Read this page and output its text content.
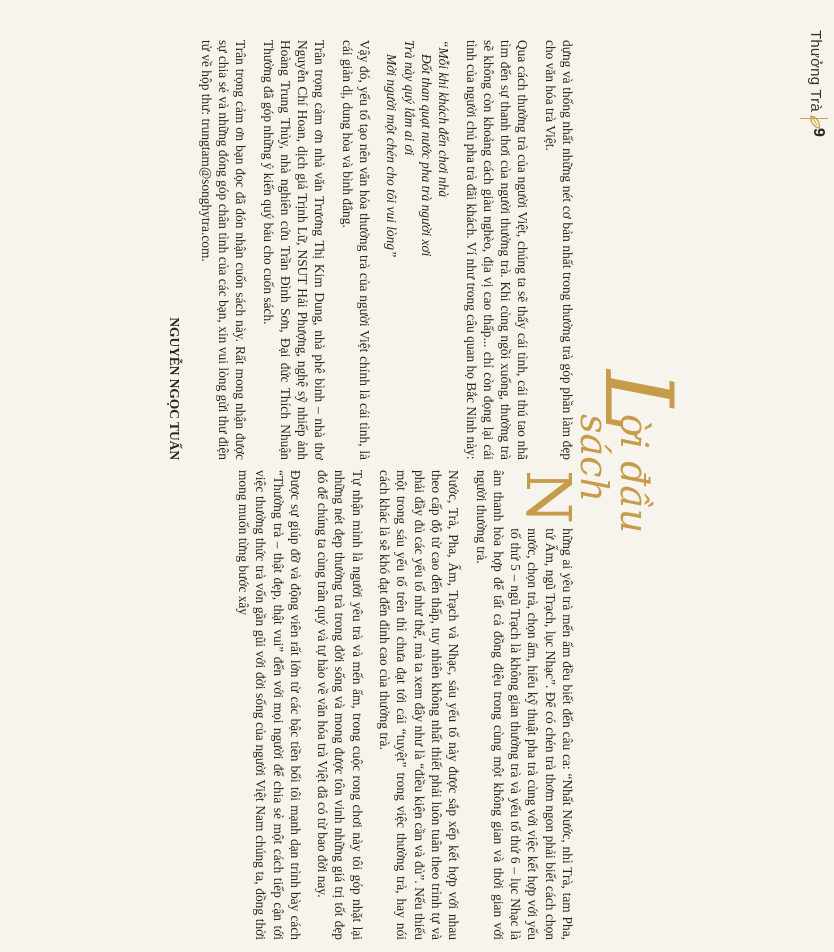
Thưởng Trà
9
L
ời đầu sách

N
hững ai yêu trà mến ấm đều biết đến câu ca: “Nhất Nước, nhì Trà, tam Pha, tứ Ấm, ngũ Trạch, lục Nhạc”. Để có chén trà thơm ngon phải biết cách chọn nước, chọn trà, chọn ấm, hiểu kỹ thuật pha trà cùng với việc kết hợp với yếu tố thứ 5 – ngũ Trạch là không gian thưởng trà và yếu tố thứ 6 – lục Nhạc là âm thanh hòa hợp để tất cả đồng điệu trong cùng một không gian và thời gian với người thưởng trà.

Nước, Trà, Pha, Ấm, Trạch và Nhạc, sáu yếu tố này được sắp xếp kết hợp với nhau theo cấp độ từ cao đến thấp, tuy nhiên không nhất thiết phải luôn tuân theo trình tự và phải đầy đủ các yếu tố như thế, mà ta xem đây như là “điều kiện cần và đủ”. Nếu thiếu một trong sáu yếu tố trên thì chưa đạt tới cái “tuyệt” trong việc thưởng trà, hay nói cách khác là sẽ khó đạt đến đỉnh cao của thưởng trà.

Tự nhận mình là người yêu trà và mến ấm, trong cuộc rong chơi này tôi góp nhặt lại những nét đẹp thưởng trà trong đời sống và mong được tôn vinh những giá trị tốt đẹp đó để chúng ta cùng trân quý và tự hào về văn hóa trà Việt đã có từ bao đời nay.

Được sự giúp đỡ và động viên rất lớn từ các bậc tiền bối tôi mạnh dạn trình bày cách “Thưởng trà – thật đẹp, thật vui” đến với mọi người để chia sẻ một cách tiếp cận tới việc thưởng thức trà vốn gần gũi với đời sống của người Việt Nam chúng ta, đồng thời mong muốn từng bước xây

dựng và thống nhất những nét cơ bản nhất trong thưởng trà góp phần làm đẹp cho văn hóa trà Việt.

Qua cách thưởng trà của người Việt, chúng ta sẽ thấy cái tình, cái thú tao nhã tìm đến sự thanh thơi của người thưởng trà. Khi cùng ngồi xuống, thưởng trà sẽ không còn khoảng cách giàu nghèo, địa vị cao thấp... chỉ còn đọng lại cái tình của người chủ pha trà đãi khách. Ví như trong câu quan họ Bắc Ninh này:

“Mỗi khi khách đến chơi nhà
Đốt than quạt nước pha trà người xơi
Trà này quý lắm ai ơi
Mời người một chén cho tôi vui lòng”

Vậy đó, yếu tố tạo nên văn hóa thưởng trà của người Việt chính là cái tình, là cái giản dị, dung hòa và bình đẳng.

Trân trọng cảm ơn nhà văn Trương Thị Kim Dung, nhà phê bình – nhà thơ Nguyễn Chí Hoan, dịch giả Trịnh Lữ, NSUT Hải Phượng, nghệ sỹ nhiếp ảnh Hoàng Trung Thủy, nhà nghiên cứu Trần Đình Sơn, Đại đức Thích Nhuận Thường đã góp những ý kiến quý báu cho cuốn sách.

Trân trọng cảm ơn bạn đọc đã đón nhận cuốn sách này. Rất mong nhận được sự chia sẻ và những đóng góp chân tình của các bạn, xin vui lòng gửi thư điện tử về hộp thư: trungtam@songhytra.com.

NGUYỄN NGỌC TUẤN
